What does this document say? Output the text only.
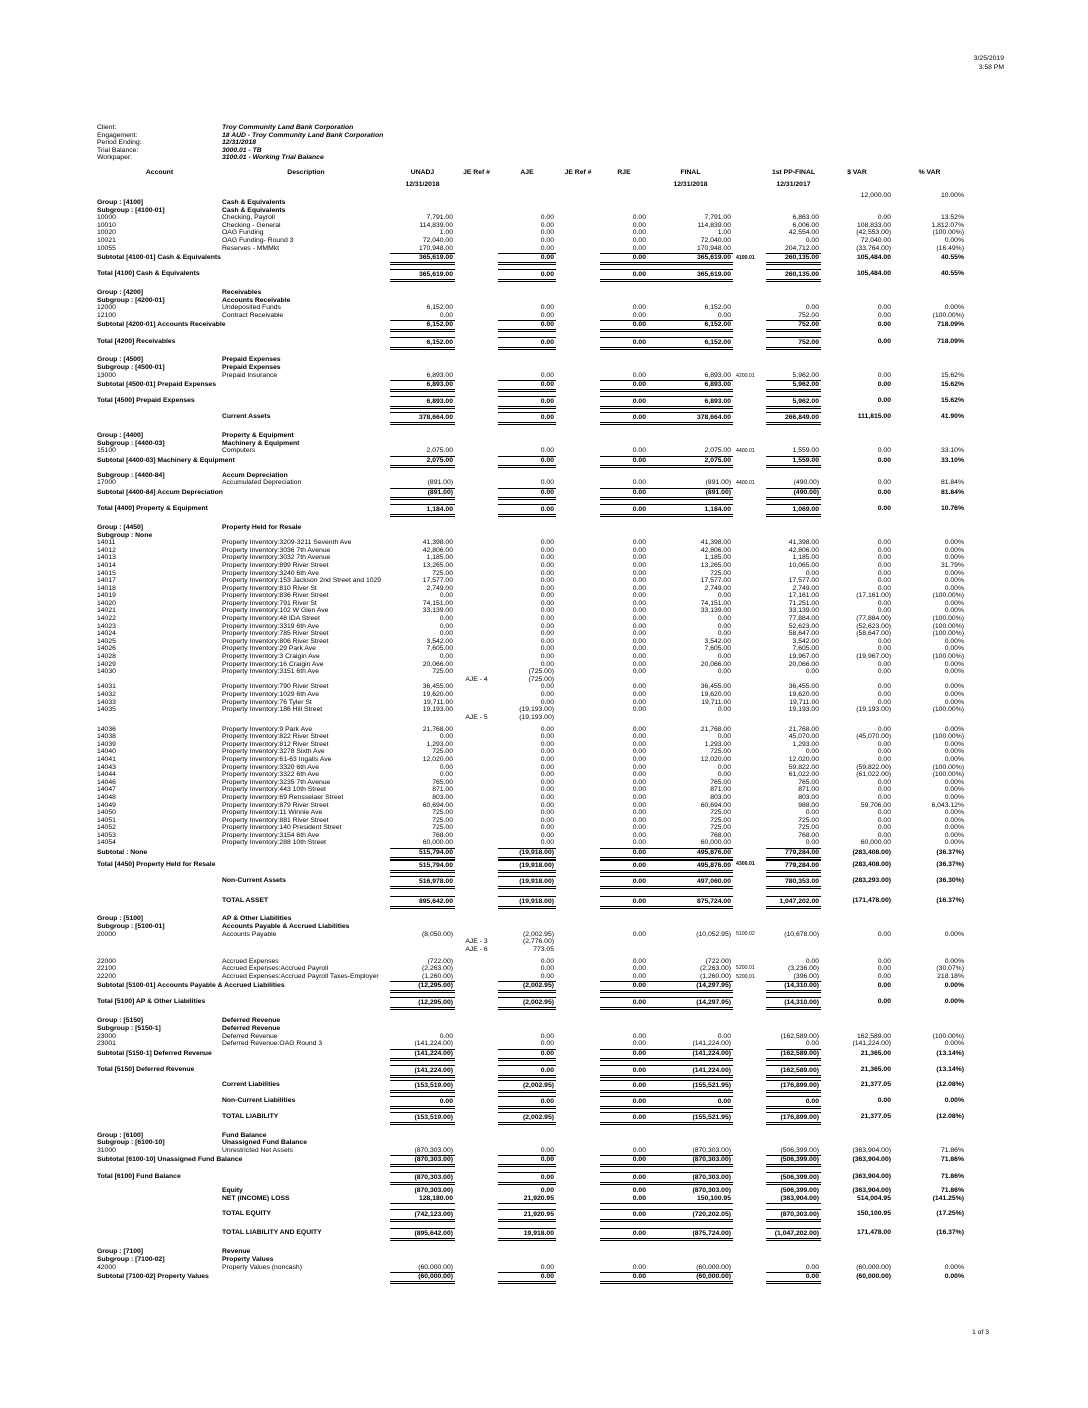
3/25/2019
3:58 PM
Client:	Troy Community Land Bank Corporation
Engagement:	18 AUD - Troy Community Land Bank Corporation
Period Ending:	12/31/2018
Trial Balance:	3000.01 - TB
Workpaper:	3100.01 - Working Trial Balance
Account	Description	UNADJ	JE Ref #	AJE	JE Ref #	RJE	FINAL	1st PP-FINAL	$ VAR	% VAR
12/31/2018	12/31/2018	12/31/2017
12,000.00	10.00%
Group : [4100]	Cash & Equivalents
Subgroup : [4100-01]	Cash & Equivalents
10000	Checking, Payroll	7,791.00	0.00	0.00	7,791.00	6,863.00	0.00	13.52%
10010	Checking - General	114,839.00	0.00	0.00	114,839.00	6,006.00	108,833.00	1,812.07%
10020	OAG Funding	1.00	0.00	0.00	1.00	42,554.00	(42,553.00)	(100.00%)
10021	OAG Funding- Round 3	72,040.00	0.00	0.00	72,040.00	0.00	72,040.00	0.00%
10055	Reserves - MMMkt	170,948.00	0.00	0.00	170,948.00	204,712.00	(33,764.00)	(16.49%)
Subtotal [4100-01] Cash & Equivalents	365,619.00	0.00	0.00	365,619.00 4100.01	260,135.00	105,484.00	40.55%
Total [4100] Cash & Equivalents	365,619.00	0.00	0.00	365,619.00	260,135.00	105,484.00	40.55%
Group : [4200]	Receivables
Subgroup : [4200-01]	Accounts Receivable
12000	Undeposited Funds	6,152.00	0.00	0.00	6,152.00	0.00	0.00	0.00%
12100	Contract Receivable	0.00	0.00	0.00	0.00	752.00	0.00	(100.00%)
Subtotal [4200-01] Accounts Receivable	6,152.00	0.00	0.00	6,152.00	752.00	0.00	718.09%
Total [4200] Receivables	6,152.00	0.00	0.00	6,152.00	752.00	0.00	718.09%
Group : [4500]	Prepaid Expenses
Subgroup : [4500-01]	Prepaid Expenses
13000	Prepaid Insurance	6,893.00	0.00	0.00	6,893.00 4200.01	5,962.00	0.00	15.62%
Subtotal [4500-01] Prepaid Expenses	6,893.00	0.00	0.00	6,893.00	5,962.00	0.00	15.62%
Total [4500] Prepaid Expenses	6,893.00	0.00	0.00	6,893.00	5,962.00	0.00	15.62%
Current Assets	378,664.00	0.00	0.00	378,664.00	266,849.00	111,815.00	41.90%
Group : [4400]	Property & Equipment
Subgroup : [4400-03]	Machinery & Equipment
15100	Computers	2,075.00	0.00	0.00	2,075.00 4400.01	1,559.00	0.00	33.10%
Subtotal [4400-03] Machinery & Equipment	2,075.00	0.00	0.00	2,075.00	1,559.00	0.00	33.10%
Subgroup : [4400-84]	Accum Depreciation
17000	Accumulated Depreciation	(891.00)	0.00	0.00	(891.00) 4400.01	(490.00)	0.00	81.84%
Subtotal [4400-84] Accum Depreciation	(891.00)	0.00	0.00	(891.00)	(490.00)	0.00	81.84%
Total [4400] Property & Equipment	1,184.00	0.00	0.00	1,184.00	1,069.00	0.00	10.76%
Group : [4450]	Property Held for Resale
Subgroup : None
14011	Property Inventory:3209-3211 Seventh Ave	41,398.00	0.00	0.00	41,398.00	41,398.00	0.00	0.00%
14012	Property Inventory:3036 7th Avenue	42,806.00	0.00	0.00	42,806.00	42,806.00	0.00	0.00%
14013	Property Inventory:3032 7th Avenue	1,185.00	0.00	0.00	1,185.00	1,185.00	0.00	0.00%
14014	Property Inventory:899 River Street	13,265.00	0.00	0.00	13,265.00	10,065.00	0.00	31.79%
14015	Property Inventory:3240 6th Ave	725.00	0.00	0.00	725.00	0.00	0.00	0.00%
14017	Property Inventory:153 Jackson 2nd Street and 1029	17,577.00	0.00	0.00	17,577.00	17,577.00	0.00	0.00%
14018	Property Inventory:810 River St	2,749.00	0.00	0.00	2,749.00	2,749.00	0.00	0.00%
14019	Property Inventory:836 River Street	0.00	0.00	0.00	0.00	17,161.00	(17,161.00)	(100.00%)
14020	Property Inventory:791 River St	74,151.00	0.00	0.00	74,151.00	71,251.00	0.00	0.00%
14021	Property Inventory:102 W Glen Ave	33,139.00	0.00	0.00	33,139.00	33,139.00	0.00	0.00%
14022	Property Inventory:48 IDA Street	0.00	0.00	0.00	0.00	77,884.00	(77,884.00)	(100.00%)
14023	Property Inventory:3319 6th Ave	0.00	0.00	0.00	0.00	52,623.00	(52,623.00)	(100.00%)
14024	Property Inventory:785 River Street	0.00	0.00	0.00	0.00	58,647.00	(58,647.00)	(100.00%)
14025	Property Inventory:806 River Street	3,542.00	0.00	0.00	3,542.00	3,542.00	0.00	0.00%
14026	Property Inventory:29 Park Ave	7,605.00	0.00	0.00	7,605.00	7,605.00	0.00	0.00%
14028	Property Inventory:3 Craigin Ave	0.00	0.00	0.00	0.00	19,967.00	(19,967.00)	(100.00%)
14029	Property Inventory:16 Craigin Ave	20,066.00	0.00	0.00	20,066.00	20,066.00	0.00	0.00%
14030	Property Inventory:3151 6th Ave	725.00	(725.00)	0.00	0.00	0.00	0.00	0.00%
AJE - 4	(725.00)
14031	Property Inventory:790 River Street	36,455.00	0.00	0.00	36,455.00	36,455.00	0.00	0.00%
14032	Property Inventory:1029 6th Ave	19,620.00	0.00	0.00	19,620.00	19,620.00	0.00	0.00%
14033	Property Inventory:76 Tyler St	19,711.00	0.00	0.00	19,711.00	19,711.00	0.00	0.00%
14035	Property Inventory:186 Hill Street	19,193.00	(19,193.00)	0.00	0.00	19,193.00	(19,193.00)	(100.00%)
AJE - 5	(19,193.00)
14036	Property Inventory:9 Park Ave	21,768.00	0.00	0.00	21,768.00	21,768.00	0.00	0.00%
14038	Property Inventory:822 River Street	0.00	0.00	0.00	0.00	45,070.00	(45,070.00)	(100.00%)
14039	Property Inventory:812 River Street	1,293.00	0.00	0.00	1,293.00	1,293.00	0.00	0.00%
14040	Property Inventory:3278 Sixth Ave	725.00	0.00	0.00	725.00	0.00	0.00	0.00%
14041	Property Inventory:61-63 Ingalls Ave	12,020.00	0.00	0.00	12,020.00	12,020.00	0.00	0.00%
14043	Property Inventory:3320 6th Ave	0.00	0.00	0.00	0.00	59,822.00	(59,822.00)	(100.00%)
14044	Property Inventory:3322 6th Ave	0.00	0.00	0.00	0.00	61,022.00	(61,022.00)	(100.00%)
14046	Property Inventory:3235 7th Avenue	765.00	0.00	0.00	765.00	765.00	0.00	0.00%
14047	Property Inventory:443 10th Street	871.00	0.00	0.00	871.00	871.00	0.00	0.00%
14048	Property Inventory:69 Rensselaer Street	803.00	0.00	0.00	803.00	803.00	0.00	0.00%
14049	Property Inventory:879 River Street	60,694.00	0.00	0.00	60,694.00	988.00	59,706.00	6,043.12%
14050	Property Inventory:11 Winnie Ave	725.00	0.00	0.00	725.00	0.00	0.00	0.00%
14051	Property Inventory:881 River Street	725.00	0.00	0.00	725.00	725.00	0.00	0.00%
14052	Property Inventory:140 President Street	725.00	0.00	0.00	725.00	725.00	0.00	0.00%
14053	Property Inventory:3154 6th Ave	768.00	0.00	0.00	768.00	768.00	0.00	0.00%
14054	Property Inventory:288 10th Street	60,000.00	0.00	0.00	60,000.00	0.00	60,000.00	0.00%
Subtotal : None	515,794.00	(19,918.00)	0.00	495,876.00	779,284.00	(283,408.00)	(36.37%)
Total [4450] Property Held for Resale	515,794.00	(19,918.00)	0.00	495,876.00 4300.01	779,284.00	(283,408.00)	(36.37%)
Non-Current Assets	516,978.00	(19,918.00)	0.00	497,060.00	780,353.00	(283,293.00)	(36.30%)
TOTAL ASSET	895,642.00	(19,918.00)	0.00	875,724.00	1,047,202.00	(171,478.00)	(16.37%)
Group : [5100]	AP & Other Liabilities
Subgroup : [5100-01]	Accounts Payable & Accrued Liabilities
20000	Accounts Payable	(8,050.00)	(2,002.95)	0.00	(10,052.95) 5100.02	(10,678.00)	0.00	0.00%
AJE - 3	(2,776.00)
AJE - 6	773.05
22000	Accrued Expenses	(722.00)	0.00	0.00	(722.00)	0.00	0.00	0.00%
22100	Accrued Expenses:Accrued Payroll	(2,263.00)	0.00	0.00	(2,263.00) 5200.01	(3,236.00)	0.00	(30.07%)
22200	Accrued Expenses:Accrued Payroll Taxes-Employer	(1,260.00)	0.00	0.00	(1,260.00) 5200.01	(396.00)	0.00	218.18%
Subtotal [5100-01] Accounts Payable & Accrued Liabilities	(12,295.00)	(2,002.95)	0.00	(14,297.95)	(14,310.00)	0.00	0.00%
Total [5100] AP & Other Liabilities	(12,295.00)	(2,002.95)	0.00	(14,297.95)	(14,310.00)	0.00	0.00%
Group : [5150]	Deferred Revenue
Subgroup : [5150-1]	Deferred Revenue
23000	Deferred Revenue	0.00	0.00	0.00	0.00	(162,589.00)	162,589.00	(100.00%)
23001	Deferred Revenue:OAG Round 3	(141,224.00)	0.00	0.00	(141,224.00)	0.00	(141,224.00)	0.00%
Subtotal [5150-1] Deferred Revenue	(141,224.00)	0.00	0.00	(141,224.00)	(162,589.00)	21,365.00	(13.14%)
Total [5150] Deferred Revenue	(141,224.00)	0.00	0.00	(141,224.00)	(162,589.00)	21,365.00	(13.14%)
Current Liabilities	(153,519.00)	(2,002.95)	0.00	(155,521.95)	(176,899.00)	21,377.05	(12.08%)
Non-Current Liabilities	0.00	0.00	0.00	0.00	0.00	0.00	0.00%
TOTAL LIABILITY	(153,519.00)	(2,002.95)	0.00	(155,521.95)	(176,899.00)	21,377.05	(12.08%)
Group : [6100]	Fund Balance
Subgroup : [6100-10]	Unassigned Fund Balance
31000	Unrestricted Net Assets	(870,303.00)	0.00	0.00	(870,303.00)	(506,399.00)	(363,904.00)	71.86%
Subtotal [6100-10] Unassigned Fund Balance	(870,303.00)	0.00	0.00	(870,303.00)	(506,399.00)	(363,904.00)	71.86%
Total [6100] Fund Balance	(870,303.00)	0.00	0.00	(870,303.00)	(506,399.00)	(363,904.00)	71.86%
Equity	(870,303.00)	0.00	0.00	(870,303.00)	(506,399.00)	(363,904.00)	71.86%
NET (INCOME) LOSS	128,180.00	21,920.95	0.00	150,100.95	(363,904.00)	514,004.95	(141.25%)
TOTAL EQUITY	(742,123.00)	21,920.95	0.00	(720,202.05)	(870,303.00)	150,100.95	(17.25%)
TOTAL LIABILITY AND EQUITY	(895,642.00)	19,918.00	0.00	(875,724.00)	(1,047,202.00)	171,478.00	(16.37%)
Group : [7100]	Revenue
Subgroup : [7100-02]	Property Values
42000	Property Values (noncash)	(60,000.00)	0.00	0.00	(60,000.00)	0.00	(60,000.00)	0.00%
Subtotal [7100-02] Property Values	(60,000.00)	0.00	0.00	(60,000.00)	0.00	(60,000.00)	0.00%
1 of 3
